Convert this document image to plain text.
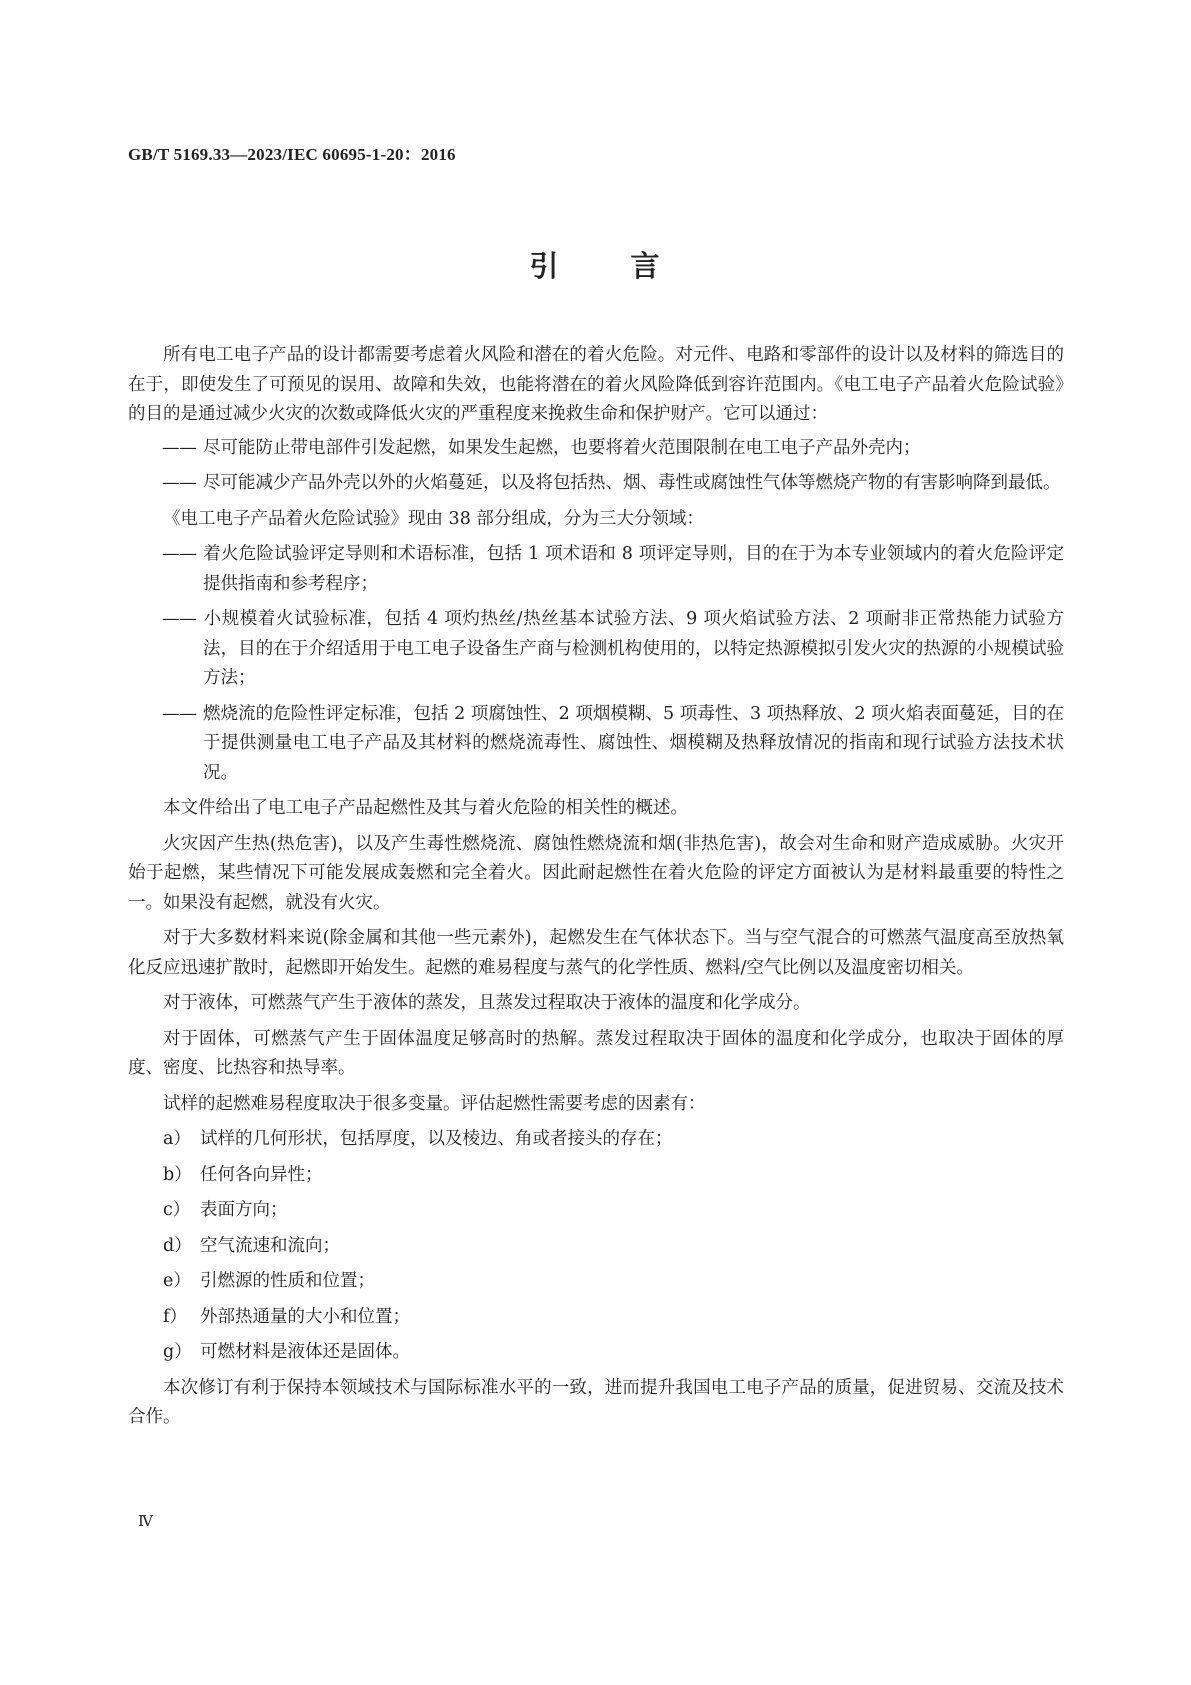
GB/T 5169.33—2023/IEC 60695-1-20：2016
引 言
所有电工电子产品的设计都需要考虑着火风险和潜在的着火危险。对元件、电路和零部件的设计以及材料的筛选目的在于，即使发生了可预见的误用、故障和失效，也能将潜在的着火风险降低到容许范围内。《电工电子产品着火危险试验》的目的是通过减少火灾的次数或降低火灾的严重程度来挽救生命和保护财产。它可以通过：
—— 尽可能防止带电部件引发起燃，如果发生起燃，也要将着火范围限制在电工电子产品外壳内；
—— 尽可能减少产品外壳以外的火焰蔓延，以及将包括热、烟、毒性或腐蚀性气体等燃烧产物的有害影响降到最低。
《电工电子产品着火危险试验》现由 38 部分组成，分为三大分领域：
—— 着火危险试验评定导则和术语标准，包括 1 项术语和 8 项评定导则，目的在于为本专业领域内的着火危险评定提供指南和参考程序；
—— 小规模着火试验标准，包括 4 项灼热丝/热丝基本试验方法、9 项火焰试验方法、2 项耐非正常热能力试验方法，目的在于介绍适用于电工电子设备生产商与检测机构使用的，以特定热源模拟引发火灾的热源的小规模试验方法；
—— 燃烧流的危险性评定标准，包括 2 项腐蚀性、2 项烟模糊、5 项毒性、3 项热释放、2 项火焰表面蔓延，目的在于提供测量电工电子产品及其材料的燃烧流毒性、腐蚀性、烟模糊及热释放情况的指南和现行试验方法技术状况。
本文件给出了电工电子产品起燃性及其与着火危险的相关性的概述。
火灾因产生热(热危害)，以及产生毒性燃烧流、腐蚀性燃烧流和烟(非热危害)，故会对生命和财产造成威胁。火灾开始于起燃，某些情况下可能发展成轰燃和完全着火。因此耐起燃性在着火危险的评定方面被认为是材料最重要的特性之一。如果没有起燃，就没有火灾。
对于大多数材料来说(除金属和其他一些元素外)，起燃发生在气体状态下。当与空气混合的可燃蒸气温度高至放热氧化反应迅速扩散时，起燃即开始发生。起燃的难易程度与蒸气的化学性质、燃料/空气比例以及温度密切相关。
对于液体，可燃蒸气产生于液体的蒸发，且蒸发过程取决于液体的温度和化学成分。
对于固体，可燃蒸气产生于固体温度足够高时的热解。蒸发过程取决于固体的温度和化学成分，也取决于固体的厚度、密度、比热容和热导率。
试样的起燃难易程度取决于很多变量。评估起燃性需要考虑的因素有：
a） 试样的几何形状，包括厚度，以及棱边、角或者接头的存在；
b） 任何各向异性；
c） 表面方向；
d） 空气流速和流向；
e） 引燃源的性质和位置；
f） 外部热通量的大小和位置；
g） 可燃材料是液体还是固体。
本次修订有利于保持本领域技术与国际标准水平的一致，进而提升我国电工电子产品的质量，促进贸易、交流及技术合作。
Ⅳ
